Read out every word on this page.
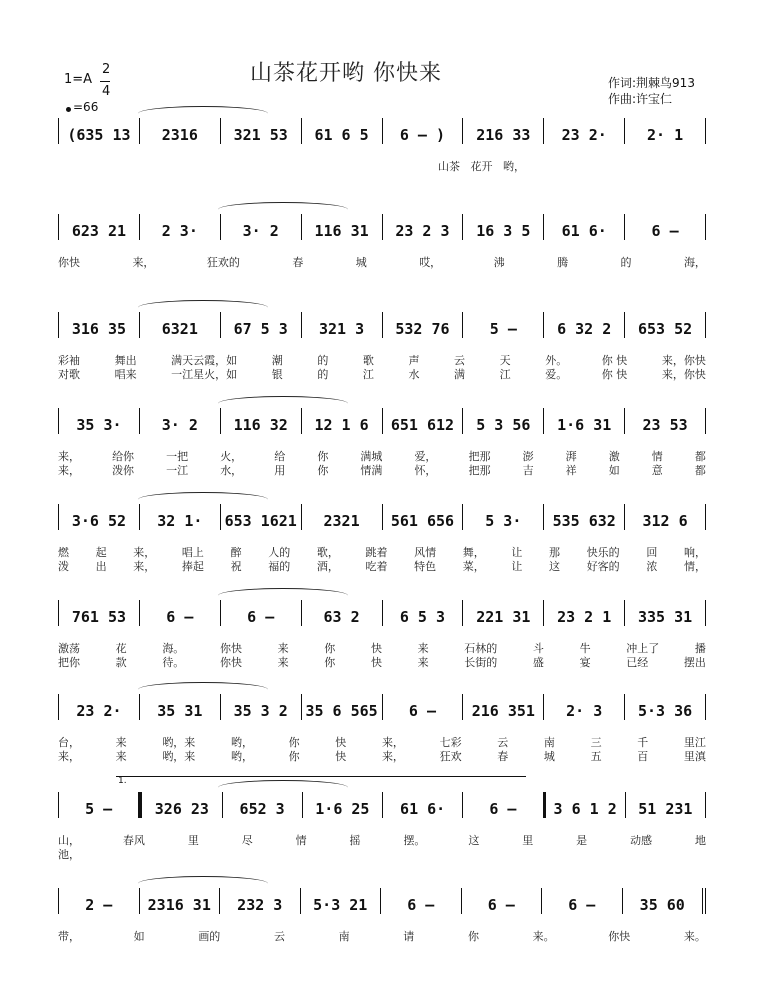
山茶花开哟 你快来
1=A
2
4
=66
作词:荆棘鸟913
作曲:许宝仁
1.
(635 13	2316	321 53	61 6 5	6 — )	216 33	23 2·	2· 1
山茶   花开   哟，
623 21	2 3·	3· 2	116 31	23 2 3	16 3 5	61 6·	6 —
你快	来，	狂欢的	春	城	哎，	沸	腾	的	海，
316 35	6321	67 5 3	321 3	532 76	5 —	6 32 2	653 52
彩袖	舞出	满天云霞，如	潮	的	歌	声	云	天	外。	你 快	来，你快
对歌	唱来	一江星火，如	银	的	江	水	满	江	爱。	你 快	来，你快
35 3·	3· 2	116 32	12 1 6	651 612	5 3 56	1·6 31	23 53
来，	给你	一把	火，	给	你	满城	爱，	把那	澎	湃	激	情	都
来，	泼你	一江	水，	用	你	情满	怀，	把那	吉	祥	如	意	都
3·6 52	32 1·	653 1621	2321	561 656	5 3·	535 632	312 6
燃 起 来， 唱上 醉 人的 歌， 跳着 风情 舞， 让 那 快乐的 回 响，
泼 出 来， 捧起 祝 福的 酒， 吃着 特色 菜， 让 这 好客的 浓 情，
761 53	6 —	6 —	63 2	6 5 3	221 31	23 2 1	335 31
激荡	花	海。	你快	来	你	快	来	石林的	斗	牛	冲上了	播
把你	款	待。	你快	来	你	快	来	长街的	盛	宴	已经	摆出
23 2·	35 31	35 3 2	35 6 565	6 —	216 351	2· 3	5·3 36
台，	来	哟，来	哟，	你	快	来，	七彩	云	南	三	千	里江
来，	来	哟，来	哟，	你	快	来，	狂欢	春	城	五	百	里滇
5 —	326 23	652 3	1·6 25	61 6·	6 —	3 6 1 2	51 231
山，	春风	里	尽	情	摇	摆。	这	里	是	动感	地
池，
2 —	2316 31	232 3	5·3 21	6 —	6 —	6 —	35 60
带，	如	画的	云	南	请	你	来。	你快	来。
